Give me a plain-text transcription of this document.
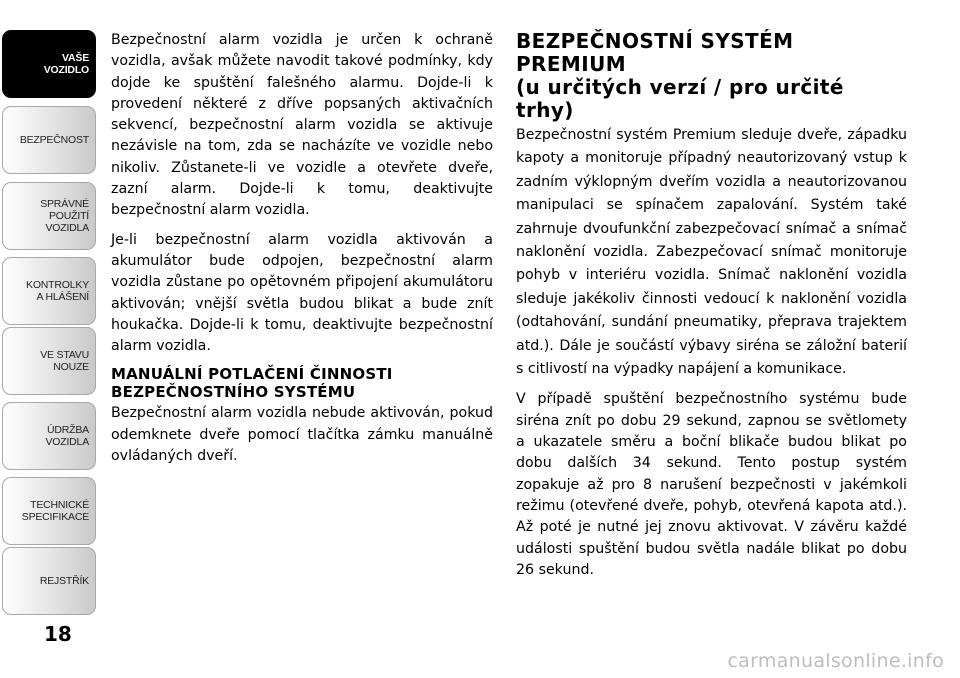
VAŠE
VOZIDLO
BEZPEČNOST
SPRÁVNÉ
POUŽITÍ
VOZIDLA
KONTROLKY
A HLÁŠENÍ
VE STAVU
NOUZE
ÚDRŽBA
VOZIDLA
TECHNICKÉ
SPECIFIKACE
REJSTŘÍK
18

Bezpečnostní alarm vozidla je určen k ochraně vozidla, avšak můžete navodit takové podmínky, kdy dojde ke spuštění falešného alarmu. Dojde-li k provedení některé z dříve popsaných aktivačních sekvencí, bezpečnostní alarm vozidla se aktivuje nezávisle na tom, zda se nacházíte ve vozidle nebo nikoliv. Zůstanete-li ve vozidle a otevřete dveře, zazní alarm. Dojde-li k tomu, deaktivujte bezpečnostní alarm vozidla.

Je-li bezpečnostní alarm vozidla aktivován a akumulátor bude odpojen, bezpečnostní alarm vozidla zůstane po opětovném připojení akumulátoru aktivován; vnější světla budou blikat a bude znít houkačka. Dojde-li k tomu, deaktivujte bezpečnostní alarm vozidla.

MANUÁLNÍ POTLAČENÍ ČINNOSTI BEZPEČNOSTNÍHO SYSTÉMU

Bezpečnostní alarm vozidla nebude aktivován, pokud odemknete dveře pomocí tlačítka zámku manuálně ovládaných dveří.

BEZPEČNOSTNÍ SYSTÉM PREMIUM
(u určitých verzí / pro určité trhy)

Bezpečnostní systém Premium sleduje dveře, západku kapoty a monitoruje případný neautorizovaný vstup k zadním výklopným dveřím vozidla a neautorizovanou manipulaci se spínačem zapalování. Systém také zahrnuje dvoufunkční zabezpečovací snímač a snímač naklonění vozidla. Zabezpečovací snímač monitoruje pohyb v interiéru vozidla. Snímač naklonění vozidla sleduje jakékoliv činnosti vedoucí k naklonění vozidla (odtahování, sundání pneumatiky, přeprava trajektem atd.). Dále je součástí výbavy siréna se záložní baterií s citlivostí na výpadky napájení a komunikace.

V případě spuštění bezpečnostního systému bude siréna znít po dobu 29 sekund, zapnou se světlomety a ukazatele směru a boční blikače budou blikat po dobu dalších 34 sekund. Tento postup systém zopakuje až pro 8 narušení bezpečnosti v jakémkoli režimu (otevřené dveře, pohyb, otevřená kapota atd.). Až poté je nutné jej znovu aktivovat. V závěru každé události spuštění budou světla nadále blikat po dobu 26 sekund.

carmanualsonline.info
